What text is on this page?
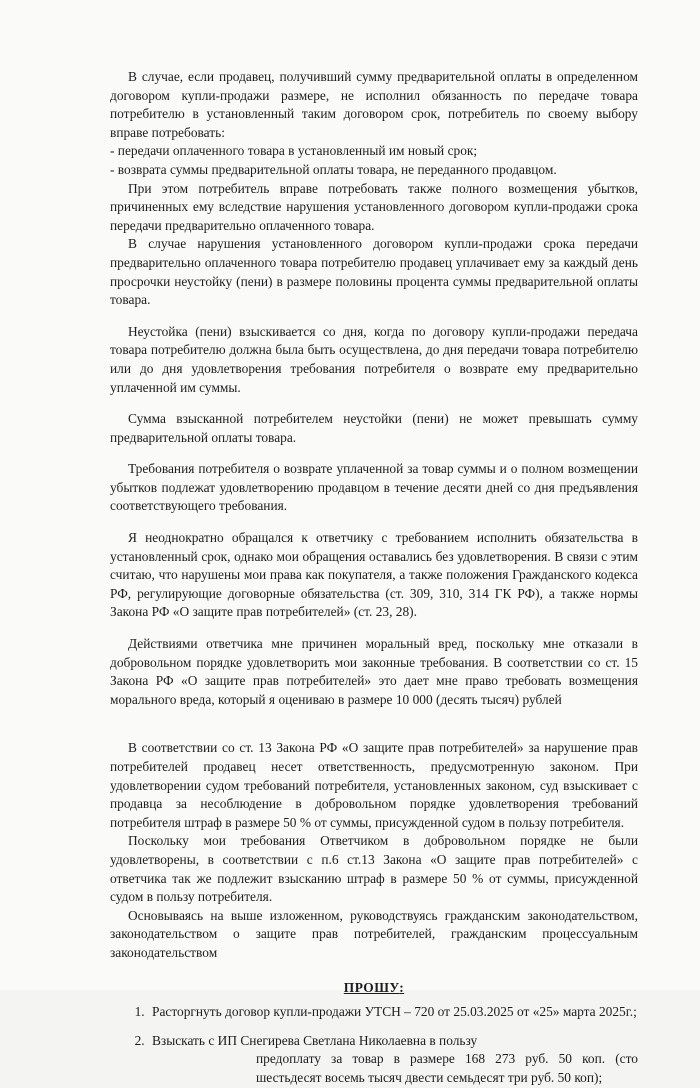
В случае, если продавец, получивший сумму предварительной оплаты в определенном договором купли-продажи размере, не исполнил обязанность по передаче товара потребителю в установленный таким договором срок, потребитель по своему выбору вправе потребовать:

- передачи оплаченного товара в установленный им новый срок;

- возврата суммы предварительной оплаты товара, не переданного продавцом.

При этом потребитель вправе потребовать также полного возмещения убытков, причиненных ему вследствие нарушения установленного договором купли-продажи срока передачи предварительно оплаченного товара.

В случае нарушения установленного договором купли-продажи срока передачи предварительно оплаченного товара потребителю продавец уплачивает ему за каждый день просрочки неустойку (пени) в размере половины процента суммы предварительной оплаты товара.

Неустойка (пени) взыскивается со дня, когда по договору купли-продажи передача товара потребителю должна была быть осуществлена, до дня передачи товара потребителю или до дня удовлетворения требования потребителя о возврате ему предварительно уплаченной им суммы.

Сумма взысканной потребителем неустойки (пени) не может превышать сумму предварительной оплаты товара.

Требования потребителя о возврате уплаченной за товар суммы и о полном возмещении убытков подлежат удовлетворению продавцом в течение десяти дней со дня предъявления соответствующего требования.

Я неоднократно обращался к ответчику с требованием исполнить обязательства в установленный срок, однако мои обращения оставались без удовлетворения. В связи с этим считаю, что нарушены мои права как покупателя, а также положения Гражданского кодекса РФ, регулирующие договорные обязательства (ст. 309, 310, 314 ГК РФ), а также нормы Закона РФ «О защите прав потребителей» (ст. 23, 28).

Действиями ответчика мне причинен моральный вред, поскольку мне отказали в добровольном порядке удовлетворить мои законные требования. В соответствии со ст. 15 Закона РФ «О защите прав потребителей» это дает мне право требовать возмещения морального вреда, который я оцениваю в размере 10 000 (десять тысяч) рублей

В соответствии со ст. 13 Закона РФ «О защите прав потребителей» за нарушение прав потребителей продавец несет ответственность, предусмотренную законом. При удовлетворении судом требований потребителя, установленных законом, суд взыскивает с продавца за несоблюдение в добровольном порядке удовлетворения требований потребителя штраф в размере 50 % от суммы, присужденной судом в пользу потребителя.

Поскольку мои требования Ответчиком в добровольном порядке не были удовлетворены, в соответствии с п.6 ст.13 Закона «О защите прав потребителей» с ответчика так же подлежит взысканию штраф в размере 50 % от суммы, присужденной судом в пользу потребителя.

Основываясь на выше изложенном, руководствуясь гражданским законодательством, законодательством о защите прав потребителей, гражданским процессуальным законодательством

ПРОШУ:
1. Расторгнуть договор купли-продажи УТСН – 720 от 25.03.2025 от «25» марта 2025г.;
2. Взыскать с ИП Снегирева Светлана Николаевна в пользу
предоплату за товар в размере 168 273 руб. 50 коп. (сто шестьдесят восемь тысяч двести семьдесят три руб. 50 коп);
